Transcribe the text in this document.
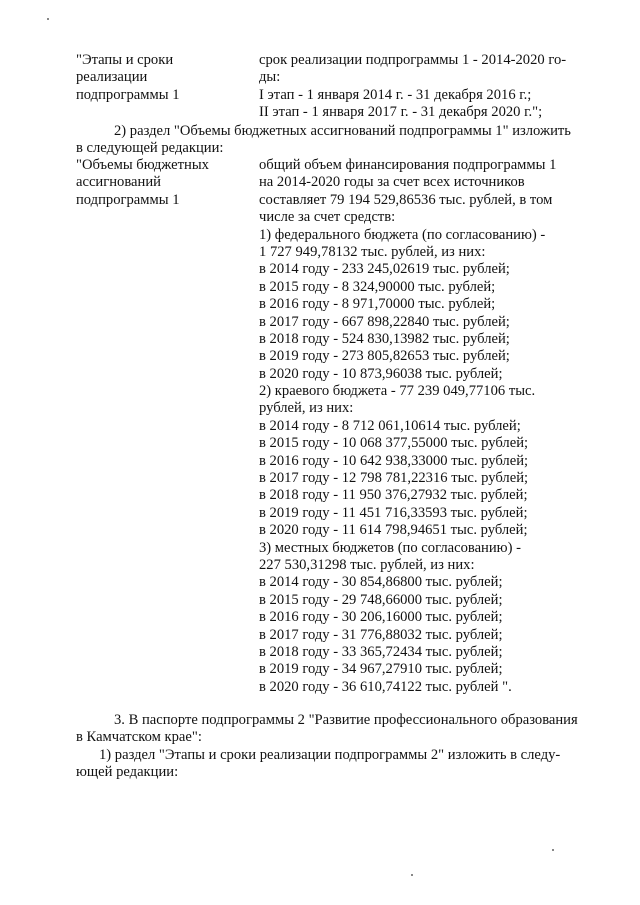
"Этапы и сроки
реализации
подпрограммы 1
срок реализации подпрограммы 1 - 2014-2020 го-
ды:
I этап - 1 января 2014 г. - 31 декабря 2016 г.;
II этап - 1 января 2017 г. - 31 декабря 2020 г.";
2) раздел "Объемы бюджетных ассигнований подпрограммы 1" изложить
в следующей редакции:
"Объемы бюджетных
ассигнований
подпрограммы 1
общий объем финансирования подпрограммы 1
на 2014-2020 годы за счет всех источников
составляет 79 194 529,86536 тыс. рублей, в том
числе за счет средств:
1) федерального бюджета (по согласованию) -
1 727 949,78132 тыс. рублей, из них:
в 2014 году - 233 245,02619 тыс. рублей;
в 2015 году - 8 324,90000 тыс. рублей;
в 2016 году - 8 971,70000 тыс. рублей;
в 2017 году - 667 898,22840 тыс. рублей;
в 2018 году - 524 830,13982 тыс. рублей;
в 2019 году - 273 805,82653 тыс. рублей;
в 2020 году - 10 873,96038 тыс. рублей;
2) краевого бюджета - 77 239 049,77106 тыс.
рублей, из них:
в 2014 году - 8 712 061,10614 тыс. рублей;
в 2015 году - 10 068 377,55000 тыс. рублей;
в 2016 году - 10 642 938,33000 тыс. рублей;
в 2017 году - 12 798 781,22316 тыс. рублей;
в 2018 году - 11 950 376,27932 тыс. рублей;
в 2019 году - 11 451 716,33593 тыс. рублей;
в 2020 году - 11 614 798,94651 тыс. рублей;
3) местных бюджетов (по согласованию) -
227 530,31298 тыс. рублей, из них:
в 2014 году - 30 854,86800 тыс. рублей;
в 2015 году - 29 748,66000 тыс. рублей;
в 2016 году - 30 206,16000 тыс. рублей;
в 2017 году - 31 776,88032 тыс. рублей;
в 2018 году - 33 365,72434 тыс. рублей;
в 2019 году - 34 967,27910 тыс. рублей;
в 2020 году - 36 610,74122 тыс. рублей ".
3. В паспорте подпрограммы 2 "Развитие профессионального образования
в Камчатском крае":
1) раздел "Этапы и сроки реализации подпрограммы 2" изложить в следу-
ющей редакции:
